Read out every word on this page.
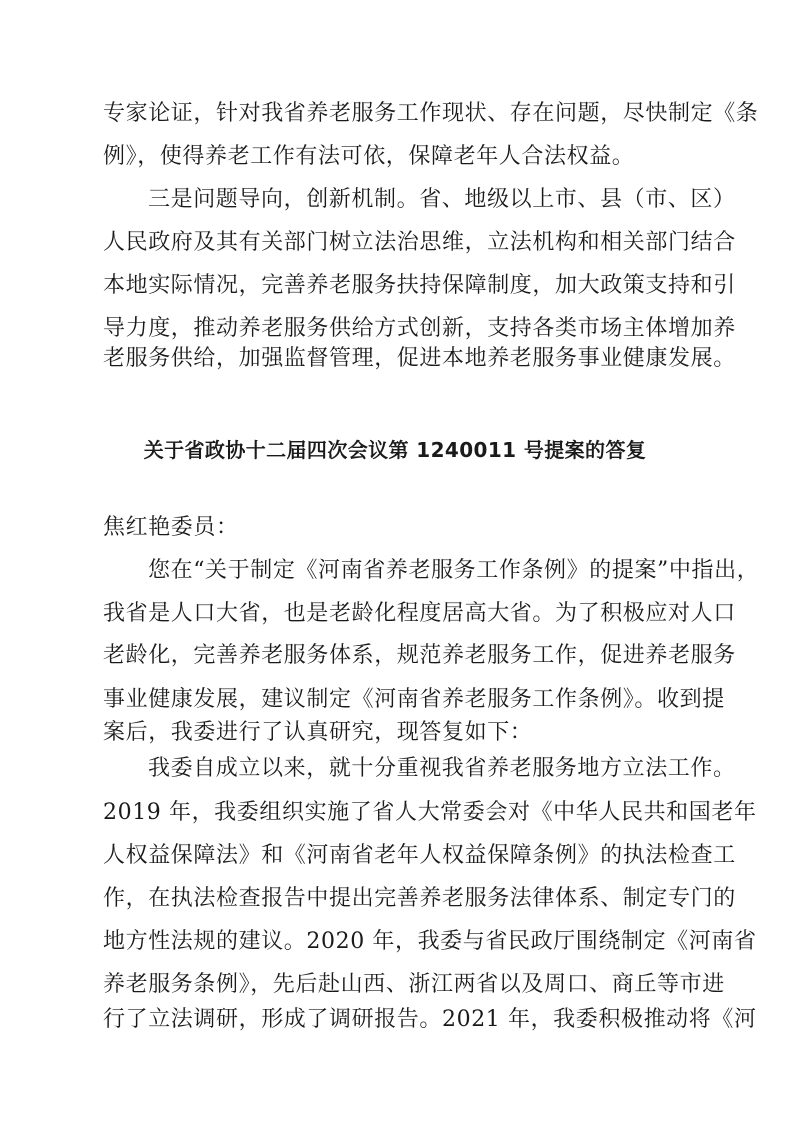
专家论证，针对我省养老服务工作现状、存在问题，尽快制定《条
例》，使得养老工作有法可依，保障老年人合法权益。
三是问题导向，创新机制。省、地级以上市、县（市、区）
人民政府及其有关部门树立法治思维，立法机构和相关部门结合
本地实际情况，完善养老服务扶持保障制度，加大政策支持和引
导力度，推动养老服务供给方式创新，支持各类市场主体增加养
老服务供给，加强监督管理，促进本地养老服务事业健康发展。
关于省政协十二届四次会议第 1240011 号提案的答复
焦红艳委员：
您在“关于制定《河南省养老服务工作条例》的提案”中指出，
我省是人口大省，也是老龄化程度居高大省。为了积极应对人口
老龄化，完善养老服务体系，规范养老服务工作，促进养老服务
事业健康发展，建议制定《河南省养老服务工作条例》。收到提
案后，我委进行了认真研究，现答复如下：
我委自成立以来，就十分重视我省养老服务地方立法工作。
2019 年，我委组织实施了省人大常委会对《中华人民共和国老年
人权益保障法》和《河南省老年人权益保障条例》的执法检查工
作，在执法检查报告中提出完善养老服务法律体系、制定专门的
地方性法规的建议。2020 年，我委与省民政厅围绕制定《河南省
养老服务条例》，先后赴山西、浙江两省以及周口、商丘等市进
行了立法调研，形成了调研报告。2021 年，我委积极推动将《河
